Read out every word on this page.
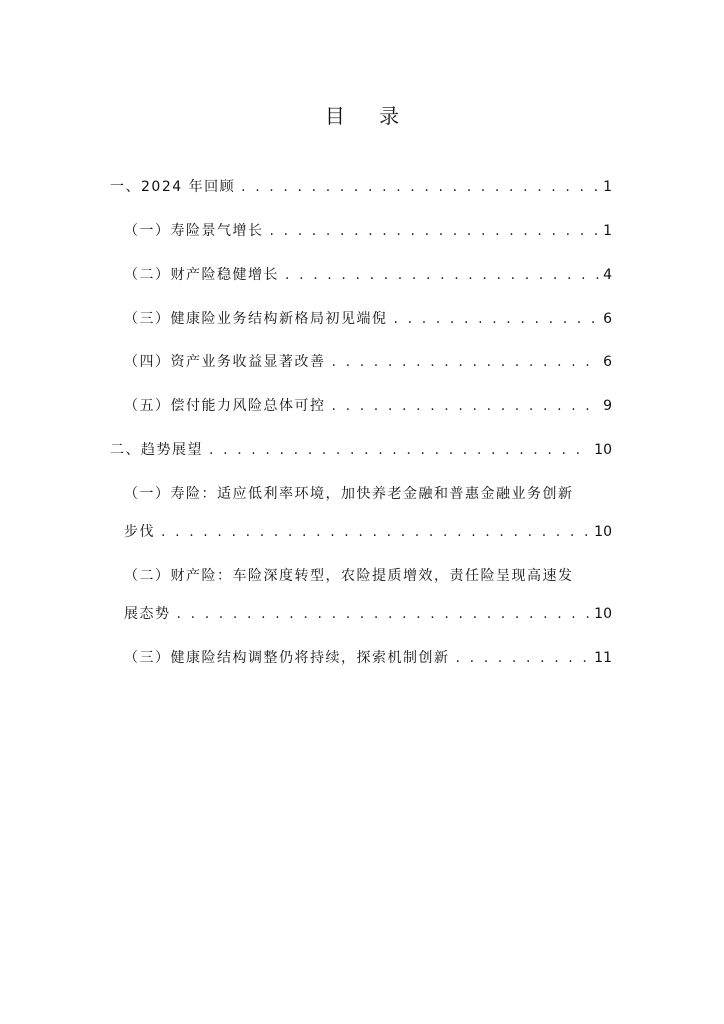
目 录
一、2024 年回顾 . . .	1
（一）寿险景气增长 . . .	1
（二）财产险稳健增长 . . .	4
（三）健康险业务结构新格局初见端倪 . . .	6
（四）资产业务收益显著改善 . . .	6
（五）偿付能力风险总体可控 . . .	9
二、趋势展望 . . .	10
（一）寿险：适应低利率环境，加快养老金融和普惠金融业务创新
步伐 . . .	10
（二）财产险：车险深度转型，农险提质增效，责任险呈现高速发
展态势 . . .	10
（三）健康险结构调整仍将持续，探索机制创新 . . .	11
